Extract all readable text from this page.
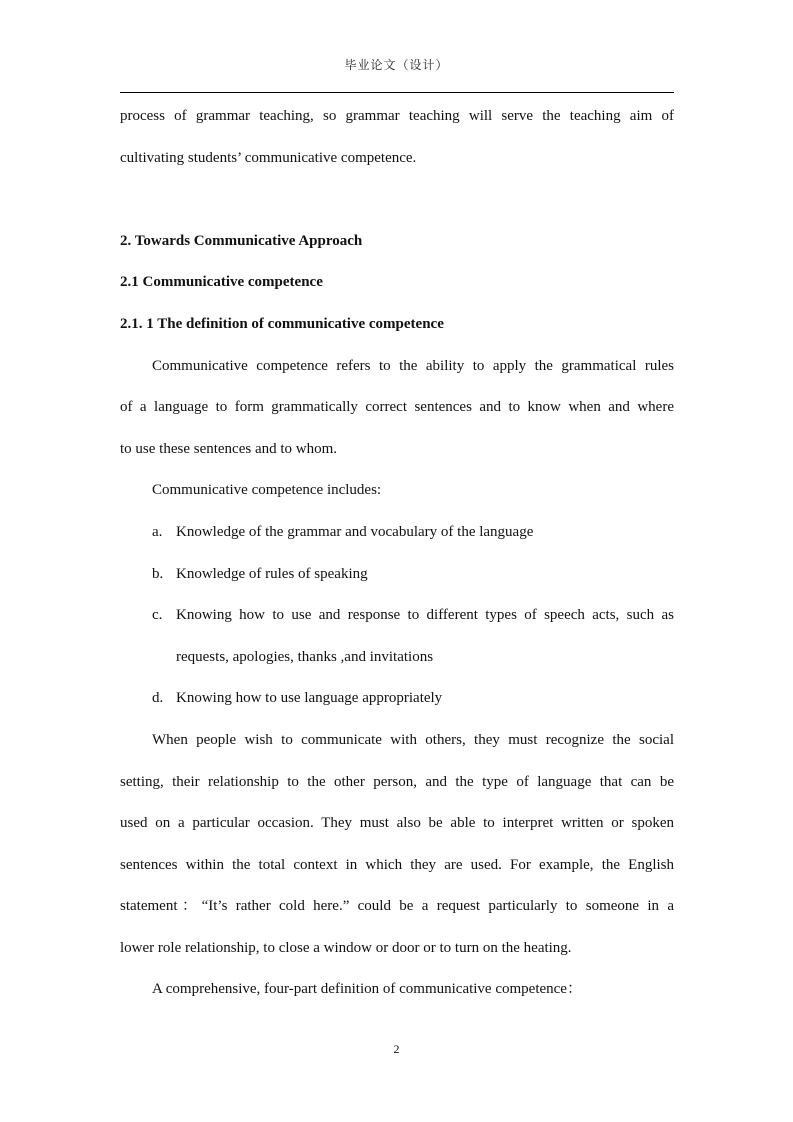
毕业论文（设计）
process of grammar teaching, so grammar teaching will serve the teaching aim of
cultivating students’ communicative competence.
2. Towards Communicative Approach
2.1 Communicative competence
2.1. 1 The definition of communicative competence
Communicative competence refers to the ability to apply the grammatical rules
of a language to form grammatically correct sentences and to know when and where
to use these sentences and to whom.
Communicative competence includes:
a. Knowledge of the grammar and vocabulary of the language
b. Knowledge of rules of speaking
c. Knowing how to use and response to different types of speech acts, such as
requests, apologies, thanks ,and invitations
d. Knowing how to use language appropriately
When people wish to communicate with others, they must recognize the social
setting, their relationship to the other person, and the type of language that can be
used on a particular occasion. They must also be able to interpret written or spoken
sentences within the total context in which they are used. For example, the English
statement：“It’s rather cold here.” could be a request particularly to someone in a
lower role relationship, to close a window or door or to turn on the heating.
A comprehensive, four-part definition of communicative competence：
2
